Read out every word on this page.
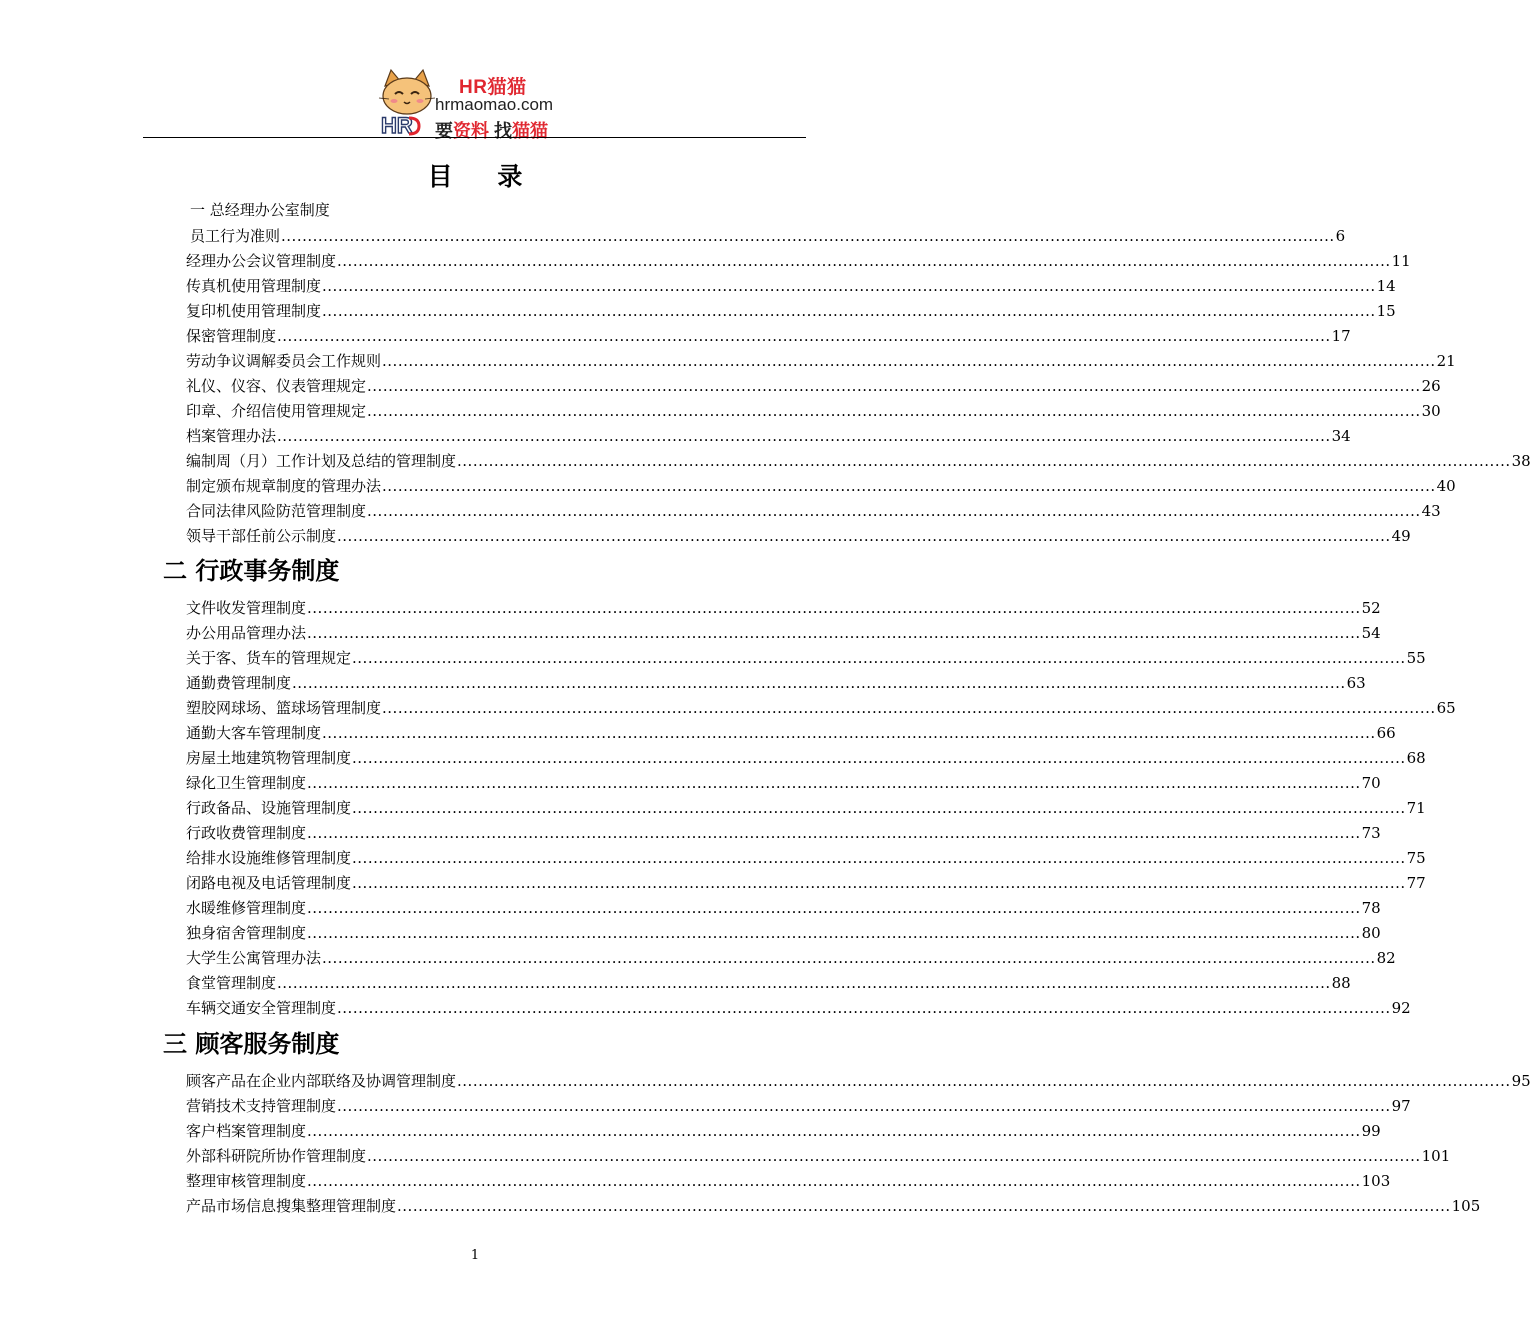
HR
HR猫猫
hrmaomao.com
要资料 找猫猫
目 录
一 总经理办公室制度
员工行为准则 ........................................................................................................................................................................................................ 6
经理办公会议管理制度 ........................................................................................................................................................................................................ 11
传真机使用管理制度 ........................................................................................................................................................................................................ 14
复印机使用管理制度 ........................................................................................................................................................................................................ 15
保密管理制度 ........................................................................................................................................................................................................ 17
劳动争议调解委员会工作规则 ........................................................................................................................................................................................................ 21
礼仪、仪容、仪表管理规定 ........................................................................................................................................................................................................ 26
印章、介绍信使用管理规定 ........................................................................................................................................................................................................ 30
档案管理办法 ........................................................................................................................................................................................................ 34
编制周（月）工作计划及总结的管理制度 ........................................................................................................................................................................................................ 38
制定颁布规章制度的管理办法 ........................................................................................................................................................................................................ 40
合同法律风险防范管理制度 ........................................................................................................................................................................................................ 43
领导干部任前公示制度 ........................................................................................................................................................................................................ 49
二 行政事务制度
文件收发管理制度 ........................................................................................................................................................................................................ 52
办公用品管理办法 ........................................................................................................................................................................................................ 54
关于客、货车的管理规定 ........................................................................................................................................................................................................ 55
通勤费管理制度 ........................................................................................................................................................................................................ 63
塑胶网球场、篮球场管理制度 ........................................................................................................................................................................................................ 65
通勤大客车管理制度 ........................................................................................................................................................................................................ 66
房屋土地建筑物管理制度 ........................................................................................................................................................................................................ 68
绿化卫生管理制度 ........................................................................................................................................................................................................ 70
行政备品、设施管理制度 ........................................................................................................................................................................................................ 71
行政收费管理制度 ........................................................................................................................................................................................................ 73
给排水设施维修管理制度 ........................................................................................................................................................................................................ 75
闭路电视及电话管理制度 ........................................................................................................................................................................................................ 77
水暖维修管理制度 ........................................................................................................................................................................................................ 78
独身宿舍管理制度 ........................................................................................................................................................................................................ 80
大学生公寓管理办法 ........................................................................................................................................................................................................ 82
食堂管理制度 ........................................................................................................................................................................................................ 88
车辆交通安全管理制度 ........................................................................................................................................................................................................ 92
三 顾客服务制度
顾客产品在企业内部联络及协调管理制度 ........................................................................................................................................................................................................ 95
营销技术支持管理制度 ........................................................................................................................................................................................................ 97
客户档案管理制度 ........................................................................................................................................................................................................ 99
外部科研院所协作管理制度 ........................................................................................................................................................................................................ 101
整理审核管理制度 ........................................................................................................................................................................................................ 103
产品市场信息搜集整理管理制度 ........................................................................................................................................................................................................ 105
1
